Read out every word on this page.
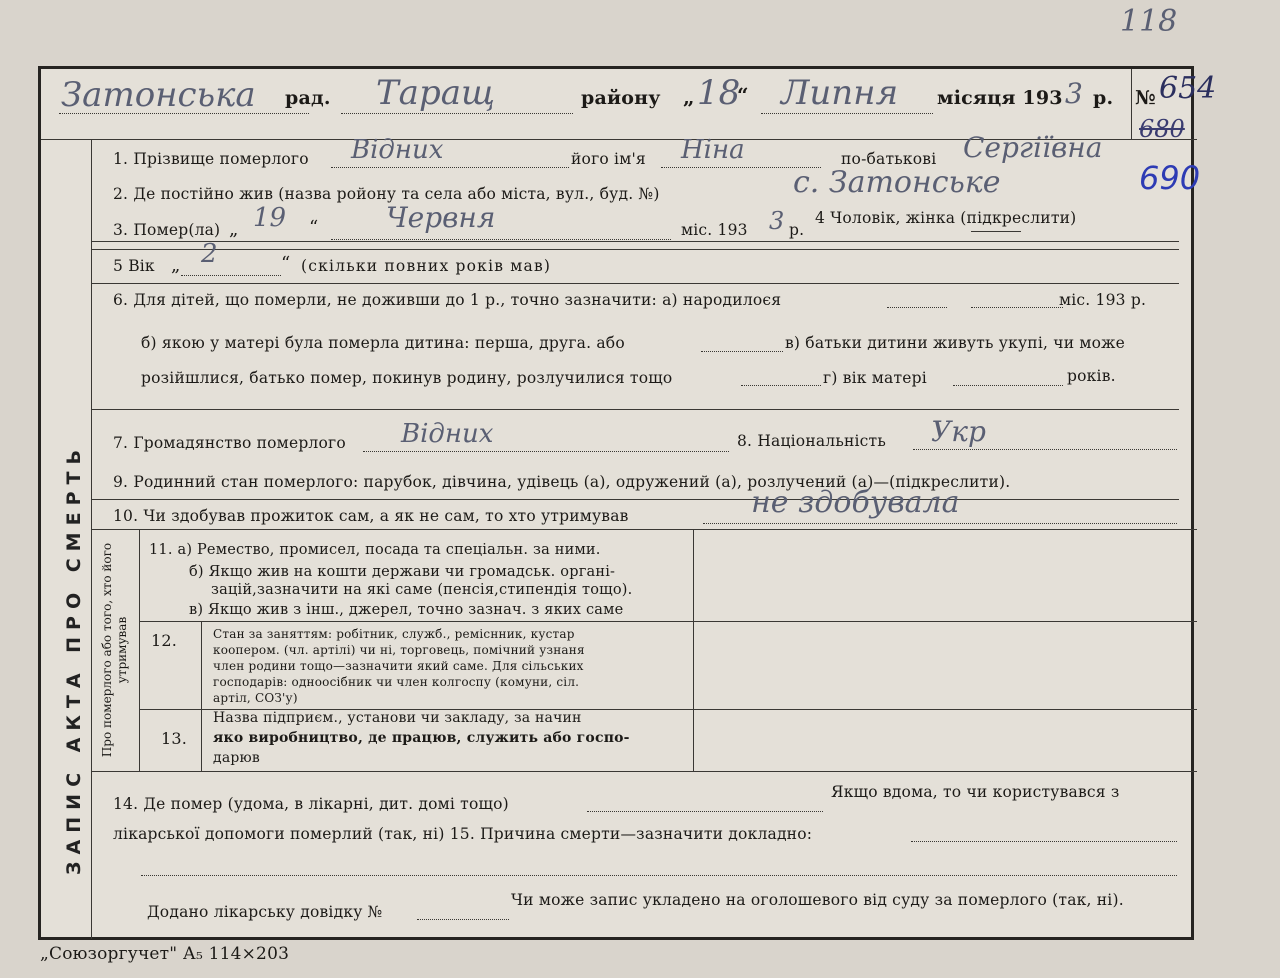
118
Затонська рад. Таращ	району „ 18
“ Липня місяця 193 3 р. № 654
680
ЗАПИС АКТА ПРО СМЕРТЬ
1. Прізвище померлого Відних	його ім'я Ніна	по-батькові Сергіївна
2. Де постійно жив (назва ройону та села або міста, вул., буд. №)	с. Затонське	690
3. Помер(ла) „ 19 “ Червня	міс. 193 3 р.
4 Чоловік, жінка (підкреслити)
5 Вік „ 2	“ (скільки повних років мав)
6. Для дітей, що померли, не доживши до 1 р., точно зазначити: а) народилоєя	міс. 193 р.
б) якою у матері була померла дитина: перша, друга. або	в) батьки дитини живуть укупі, чи може
розійшлися, батько помер, покинув родину, розлучилися тощо	г) вік матері	років.
7. Громадянство померлого Відних	8. Національність Укр
9. Родинний стан померлого: парубок, дівчина, удівець (а), одружений (а), розлучений (а)—(підкреслити).
10. Чи здобував прожиток сам, а як не сам, то хто утримував	не здобувала
Про померлого або того, хто його утримував
11. а) Ремество, промисел, посада та спеціальн. за ними.
б) Якщо жив на кошти держави чи громадськ. органі-
зацій,зазначити на які саме (пенсія,стипендія тощо).
в) Якщо жив з інш., джерел, точно зазнач. з яких саме
12.	Стан за заняттям: робітник, служб., реміснник, кустар
коопером. (чл. артілі) чи ні, торговець, помічний узнаня
член родини тощо—зазначити який саме. Для сільських
господарів: одноосібник чи член колгоспу (комуни, сіл.
артіл, СОЗ'у)
13.
Назва підприєм., установи чи закладу, за начин
яко виробництво, де працюв, служить або госпо-
дарюв
14. Де помер (удома, в лікарні, дит. домі тощо)
Якщо вдома, то чи користувався з
лікарської допомоги померлий (так, ні) 15. Причина смерти—зазначити докладно:
Додано лікарську довідку №
Чи може запис укладено на оголошевого від суду за померлого (так, ні).
„Союзоргучет" А₅ 114×203
